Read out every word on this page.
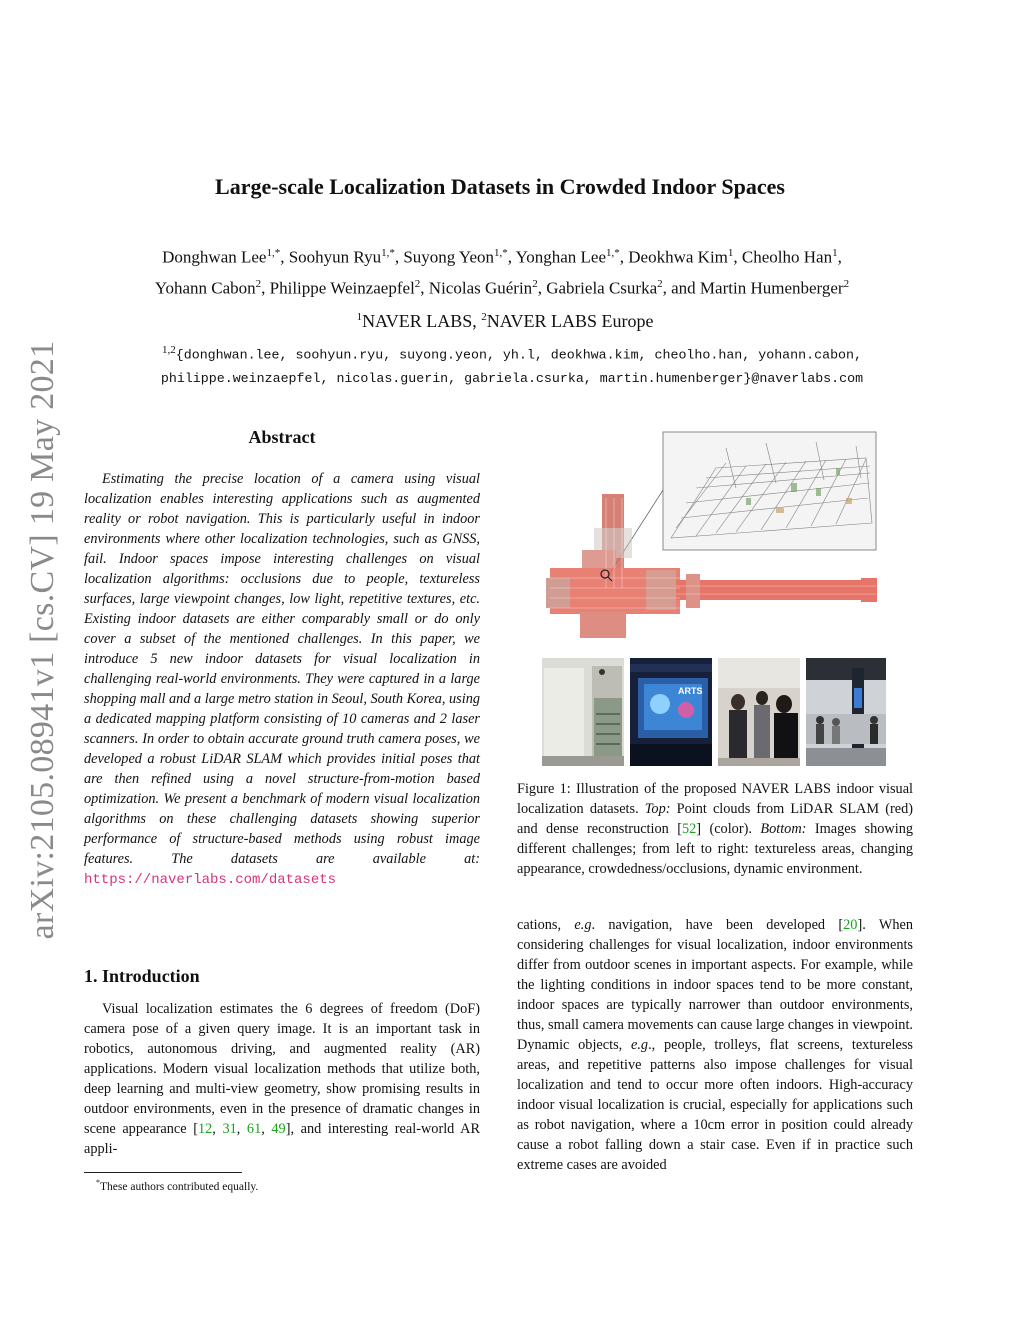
arXiv:2105.08941v1 [cs.CV] 19 May 2021
Large-scale Localization Datasets in Crowded Indoor Spaces
Donghwan Lee$^{1,*}$, Soohyun Ryu$^{1,*}$, Suyong Yeon$^{1,*}$, Yonghan Lee$^{1,*}$, Deokhwa Kim$^1$, Cheolho Han$^1$,
Yohann Cabon$^2$, Philippe Weinzaepfel$^2$, Nicolas Guérin$^2$, Gabriela Csurka$^2$, and Martin Humenberger$^2$
$^1$NAVER LABS, $^2$NAVER LABS Europe
$^{1,2}${donghwan.lee, soohyun.ryu, suyong.yeon, yh.l, deokhwa.kim, cheolho.han, yohann.cabon,
philippe.weinzaepfel, nicolas.guerin, gabriela.csurka, martin.humenberger}@naverlabs.com
Abstract
Estimating the precise location of a camera using visual localization enables interesting applications such as augmented reality or robot navigation. This is particularly useful in indoor environments where other localization technologies, such as GNSS, fail. Indoor spaces impose interesting challenges on visual localization algorithms: occlusions due to people, textureless surfaces, large viewpoint changes, low light, repetitive textures, etc. Existing indoor datasets are either comparably small or do only cover a subset of the mentioned challenges. In this paper, we introduce 5 new indoor datasets for visual localization in challenging real-world environments. They were captured in a large shopping mall and a large metro station in Seoul, South Korea, using a dedicated mapping platform consisting of 10 cameras and 2 laser scanners. In order to obtain accurate ground truth camera poses, we developed a robust LiDAR SLAM which provides initial poses that are then refined using a novel structure-from-motion based optimization. We present a benchmark of modern visual localization algorithms on these challenging datasets showing superior performance of structure-based methods using robust image features. The datasets are available at: https://naverlabs.com/datasets
1. Introduction
Visual localization estimates the 6 degrees of freedom (DoF) camera pose of a given query image. It is an important task in robotics, autonomous driving, and augmented reality (AR) applications. Modern visual localization methods that utilize both, deep learning and multi-view geometry, show promising results in outdoor environments, even in the presence of dramatic changes in scene appearance [12, 31, 61, 49], and interesting real-world AR appli-
*These authors contributed equally.
ARTS
Figure 1: Illustration of the proposed NAVER LABS indoor visual localization datasets. Top: Point clouds from LiDAR SLAM (red) and dense reconstruction [52] (color). Bottom: Images showing different challenges; from left to right: textureless areas, changing appearance, crowdedness/occlusions, dynamic environment.
cations, e.g. navigation, have been developed [20]. When considering challenges for visual localization, indoor environments differ from outdoor scenes in important aspects. For example, while the lighting conditions in indoor spaces tend to be more constant, indoor spaces are typically narrower than outdoor environments, thus, small camera movements can cause large changes in viewpoint. Dynamic objects, e.g., people, trolleys, flat screens, textureless areas, and repetitive patterns also impose challenges for visual localization and tend to occur more often indoors. High-accuracy indoor visual localization is crucial, especially for applications such as robot navigation, where a 10cm error in position could already cause a robot falling down a stair case. Even if in practice such extreme cases are avoided
